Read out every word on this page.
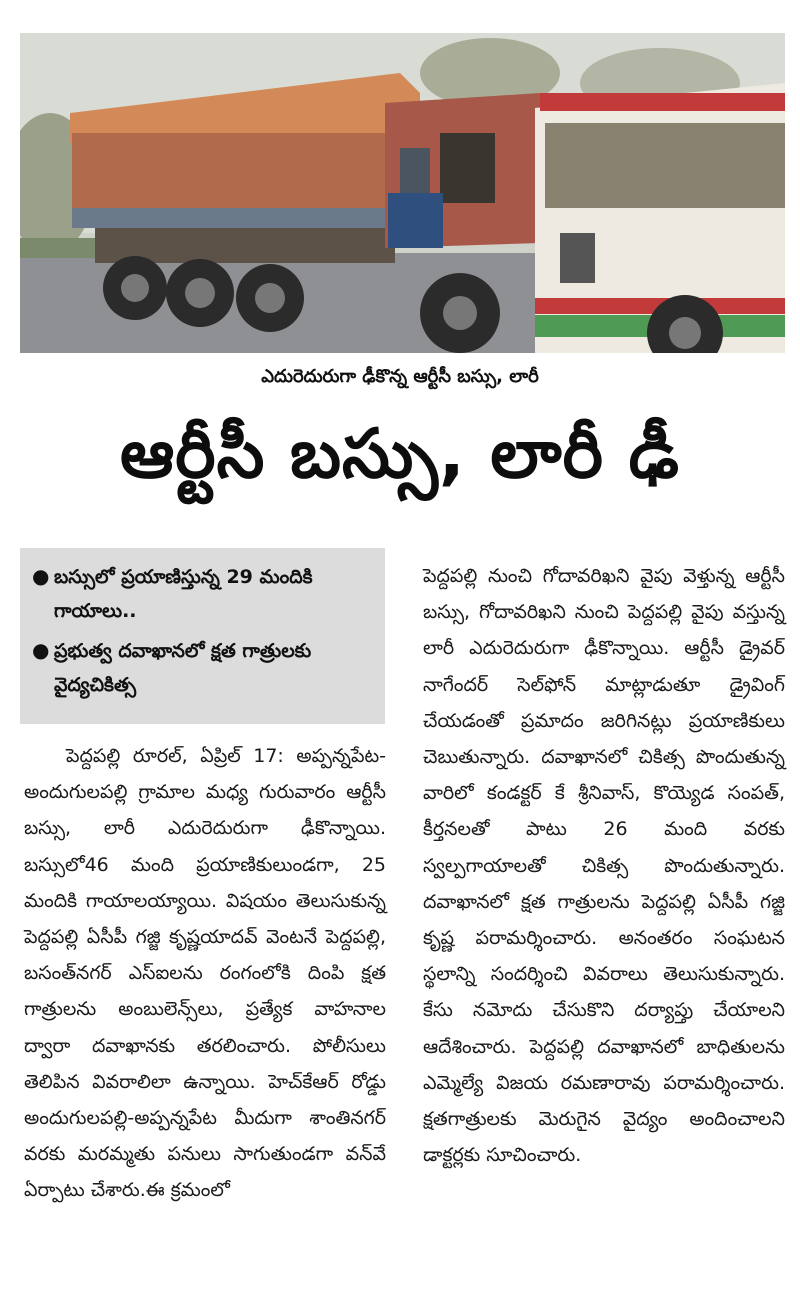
ఎదురెదురుగా ఢీకొన్న ఆర్టీసీ బస్సు, లారీ
ఆర్టీసీ బస్సు, లారీ ఢీ
● బస్సులో ప్రయాణిస్తున్న 29 మందికి గాయాలు..
● ప్రభుత్వ దవాఖానలో క్షత గాత్రులకు వైద్యచికిత్స
పెద్దపల్లి రూరల్, ఏప్రిల్ 17: అప్పన్నపేట-అందుగులపల్లి గ్రామాల మధ్య గురువారం ఆర్టీసీ బస్సు, లారీ ఎదురెదురుగా ఢీకొన్నాయి. బస్సులో46 మంది ప్రయాణికులుండగా, 25 మందికి గాయాలయ్యాయి. విషయం తెలుసుకున్న పెద్దపల్లి ఏసీపీ గజ్జి కృష్ణయాదవ్ వెంటనే పెద్దపల్లి, బసంత్‌నగర్ ఎస్‌ఐలను రంగంలోకి దింపి క్షత గాత్రులను అంబులెన్స్‌లు, ప్రత్యేక వాహనాల ద్వారా దవాఖానకు తరలించారు. పోలీసులు తెలిపిన వివరాలిలా ఉన్నాయి. హెచ్‌కేఆర్ రోడ్డు అందుగులపల్లి-అప్పన్నపేట మీదుగా శాంతినగర్ వరకు మరమ్మతు పనులు సాగుతుండగా వన్‌వే ఏర్పాటు చేశారు.ఈ క్రమంలో
పెద్దపల్లి నుంచి గోదావరిఖని వైపు వెళ్తున్న ఆర్టీసీ బస్సు, గోదావరిఖని నుంచి పెద్దపల్లి వైపు వస్తున్న లారీ ఎదురెదురుగా ఢీకొన్నాయి. ఆర్టీసీ డ్రైవర్ నాగేందర్ సెల్‌ఫోన్ మాట్లాడుతూ డ్రైవింగ్ చేయడంతో ప్రమాదం జరిగినట్లు ప్రయాణికులు చెబుతున్నారు. దవాఖానలో చికిత్స పొందుతున్న వారిలో కండక్టర్ కే శ్రీనివాస్, కొయ్యెడ సంపత్, కీర్తనలతో పాటు 26 మంది వరకు స్వల్పగాయాలతో చికిత్స పొందుతున్నారు. దవాఖానలో క్షత గాత్రులను పెద్దపల్లి ఏసీపీ గజ్జి కృష్ణ పరామర్శించారు. అనంతరం సంఘటన స్థలాన్ని సందర్శించి వివరాలు తెలుసుకున్నారు. కేసు నమోదు చేసుకొని దర్యాప్తు చేయాలని ఆదేశించారు. పెద్దపల్లి దవాఖానలో బాధితులను ఎమ్మెల్యే విజయ రమణారావు పరామర్శించారు. క్షతగాత్రులకు మెరుగైన వైద్యం అందించాలని డాక్టర్లకు సూచించారు.
